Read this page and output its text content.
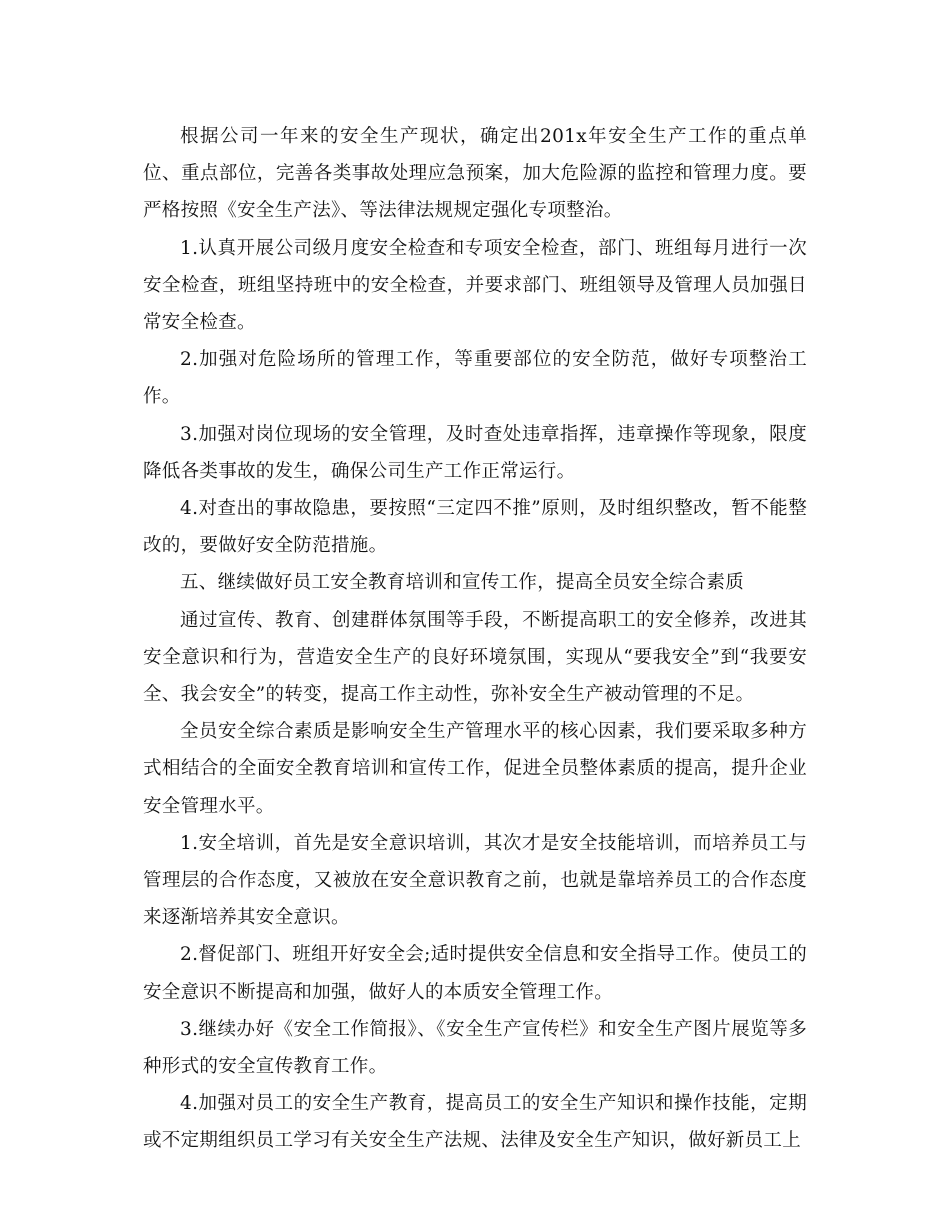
根据公司一年来的安全生产现状，确定出201x年安全生产工作的重点单位、重点部位，完善各类事故处理应急预案，加大危险源的监控和管理力度。要严格按照《安全生产法》、等法律法规规定强化专项整治。

1.认真开展公司级月度安全检查和专项安全检查，部门、班组每月进行一次安全检查，班组坚持班中的安全检查，并要求部门、班组领导及管理人员加强日常安全检查。

2.加强对危险场所的管理工作，等重要部位的安全防范，做好专项整治工作。

3.加强对岗位现场的安全管理，及时查处违章指挥，违章操作等现象，限度降低各类事故的发生，确保公司生产工作正常运行。

4.对查出的事故隐患，要按照“三定四不推”原则，及时组织整改，暂不能整改的，要做好安全防范措施。

五、继续做好员工安全教育培训和宣传工作，提高全员安全综合素质

通过宣传、教育、创建群体氛围等手段，不断提高职工的安全修养，改进其安全意识和行为，营造安全生产的良好环境氛围，实现从“要我安全”到“我要安全、我会安全”的转变，提高工作主动性，弥补安全生产被动管理的不足。

全员安全综合素质是影响安全生产管理水平的核心因素，我们要采取多种方式相结合的全面安全教育培训和宣传工作，促进全员整体素质的提高，提升企业安全管理水平。

1.安全培训，首先是安全意识培训，其次才是安全技能培训，而培养员工与管理层的合作态度，又被放在安全意识教育之前，也就是靠培养员工的合作态度来逐渐培养其安全意识。

2.督促部门、班组开好安全会;适时提供安全信息和安全指导工作。使员工的安全意识不断提高和加强，做好人的本质安全管理工作。

3.继续办好《安全工作简报》、《安全生产宣传栏》和安全生产图片展览等多种形式的安全宣传教育工作。

4.加强对员工的安全生产教育，提高员工的安全生产知识和操作技能，定期或不定期组织员工学习有关安全生产法规、法律及安全生产知识，做好新员工上
